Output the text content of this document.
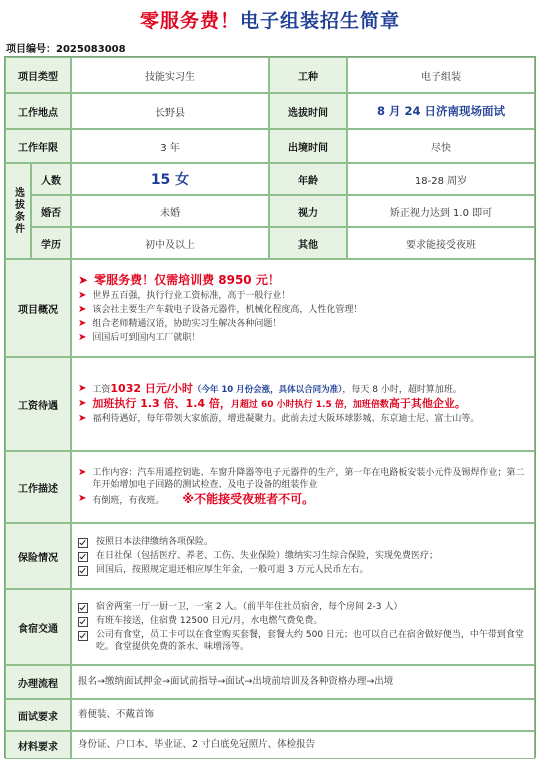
零服务费！电子组装招生简章
项目编号：2025083008
项目类型	技能实习生	工种	电子组装
工作地点	长野县	选拔时间	8 月 24 日济南现场面试
工作年限	3 年	出境时间	尽快
选拔条件
人数	15 女	年龄	18-28 周岁
婚否	未婚	视力	矫正视力达到 1.0 即可
学历	初中及以上	其他	要求能接受夜班
项目概况
➤ 零服务费！仅需培训费 8950 元！
➤ 世界五百强，执行行业工资标准，高于一般行业！
➤ 该会社主要生产车载电子设备元器件，机械化程度高，人性化管理！
➤ 组合老师精通汉语，协助实习生解决各种问题！
➤ 回国后可到国内工厂就职！
工资待遇
➤ 工资1032 日元/小时（今年 10 月份会涨，具体以合同为准），每天 8 小时，超时算加班。
➤ 加班执行 1.3 倍、1.4 倍，月超过 60 小时执行 1.5 倍，加班倍数高于其他企业。
➤ 福利待遇好，每年带领大家旅游，增进凝聚力。此前去过大阪环球影城、东京迪士尼、富士山等。
工作描述
➤ 工作内容：汽车用遥控钥匙、车窗升降器等电子元器件的生产，第一年在电路板安装小元件及锡焊作业；第二年开始增加电子回路的测试检查、及电子设备的组装作业
➤ 有倒班，有夜班。 ※不能接受夜班者不可。
保险情况
按照日本法律缴纳各项保险。
在日社保（包括医疗、养老、工伤、失业保险）缴纳实习生综合保险，实现免费医疗；
回国后，按照规定退还相应厚生年金，一般可退 3 万元人民币左右。
食宿交通
宿舍两室一厅一厨一卫，一室 2 人。（前半年住社员宿舍，每个房间 2-3 人）
有班车接送，住宿费 12500 日元/月，水电燃气费免费。
公司有食堂，员工卡可以在食堂购买套餐，套餐大约 500 日元；也可以自己在宿舍做好便当，中午带到食堂吃。食堂提供免费的茶水、味增汤等。
办理流程	报名→缴纳面试押金→面试前指导→面试→出境前培训及各种资格办理→出境
面试要求	着便装、不戴首饰
材料要求	身份证、户口本、毕业证、2 寸白底免冠照片、体检报告
